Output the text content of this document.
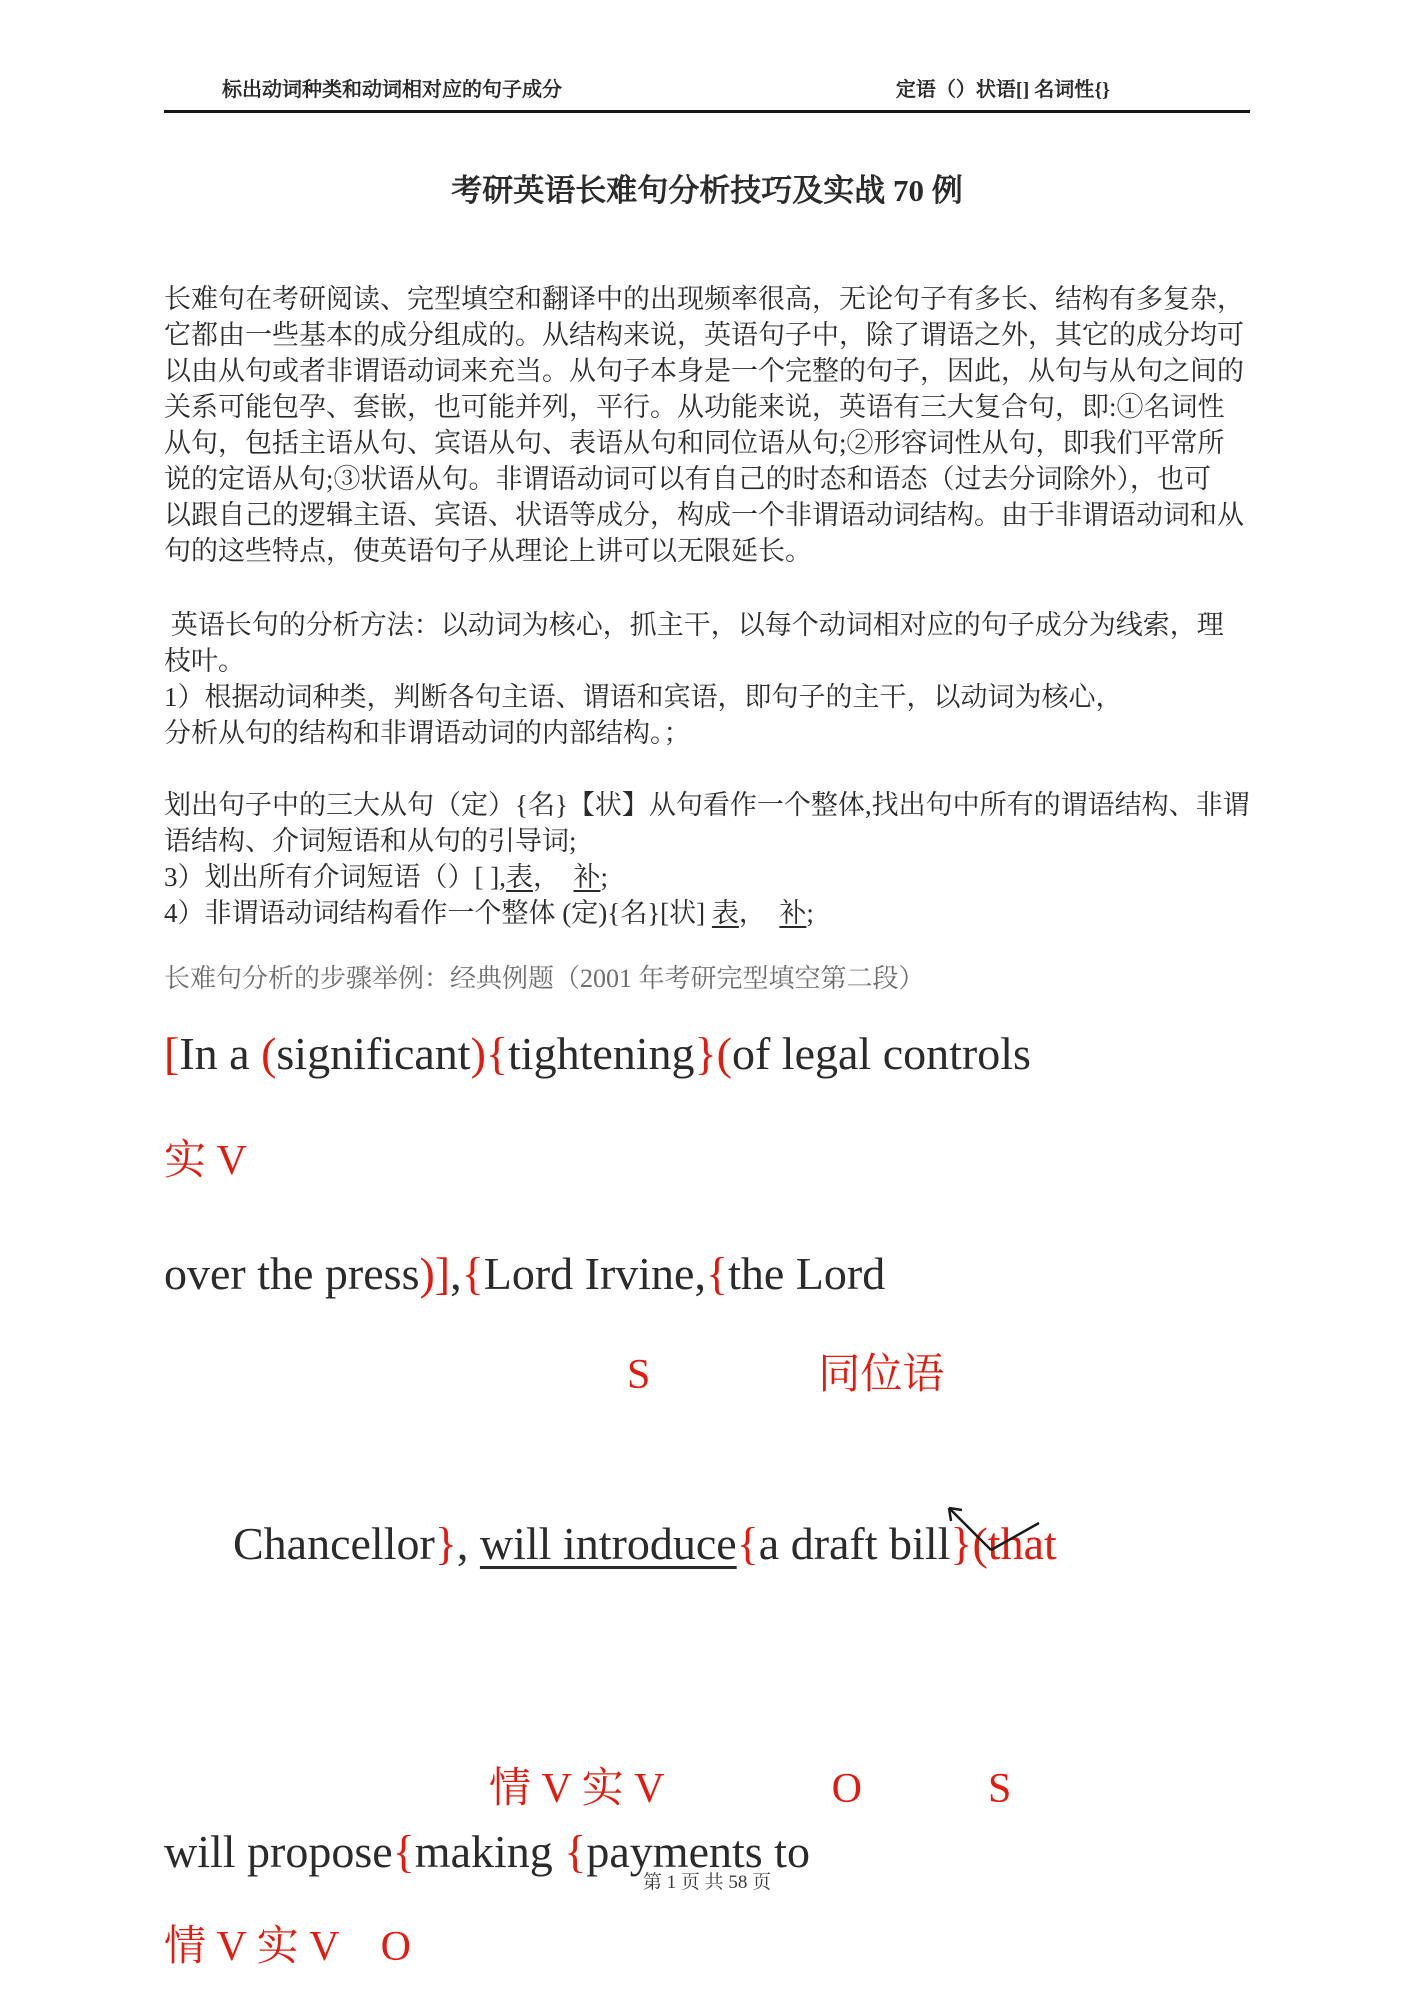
标出动词种类和动词相对应的句子成分	定语（）状语[] 名词性{}
考研英语长难句分析技巧及实战 70 例
长难句在考研阅读、完型填空和翻译中的出现频率很高，无论句子有多长、结构有多复杂，
它都由一些基本的成分组成的。从结构来说，英语句子中，除了谓语之外，其它的成分均可
以由从句或者非谓语动词来充当。从句子本身是一个完整的句子，因此，从句与从句之间的
关系可能包孕、套嵌，也可能并列，平行。从功能来说，英语有三大复合句，即:①名词性
从句，包括主语从句、宾语从句、表语从句和同位语从句;②形容词性从句，即我们平常所
说的定语从句;③状语从句。非谓语动词可以有自己的时态和语态（过去分词除外），也可
以跟自己的逻辑主语、宾语、状语等成分，构成一个非谓语动词结构。由于非谓语动词和从
句的这些特点，使英语句子从理论上讲可以无限延长。
英语长句的分析方法：以动词为核心，抓主干，以每个动词相对应的句子成分为线索，理
枝叶。
1）根据动词种类，判断各句主语、谓语和宾语，即句子的主干，以动词为核心，
分析从句的结构和非谓语动词的内部结构。；
划出句子中的三大从句（定）{名}【状】从句看作一个整体,找出句中所有的谓语结构、非谓
语结构、介词短语和从句的引导词;
3）划出所有介词短语（）[ ],表，　补;
4）非谓语动词结构看作一个整体 (定){名}[状] 表，　补;
长难句分析的步骤举例：经典例题（2001 年考研完型填空第二段）
[In a (significant){tightening}(of legal controls
实 V
over the press)],{Lord Irvine,{the Lord
S　　　　同位语

Chancellor}, will introduce{a draft bill}(that

情 V 实 V　　　　O　　　S
will propose{making {payments to
情 V 实 V　O
第 1 页 共 58 页
